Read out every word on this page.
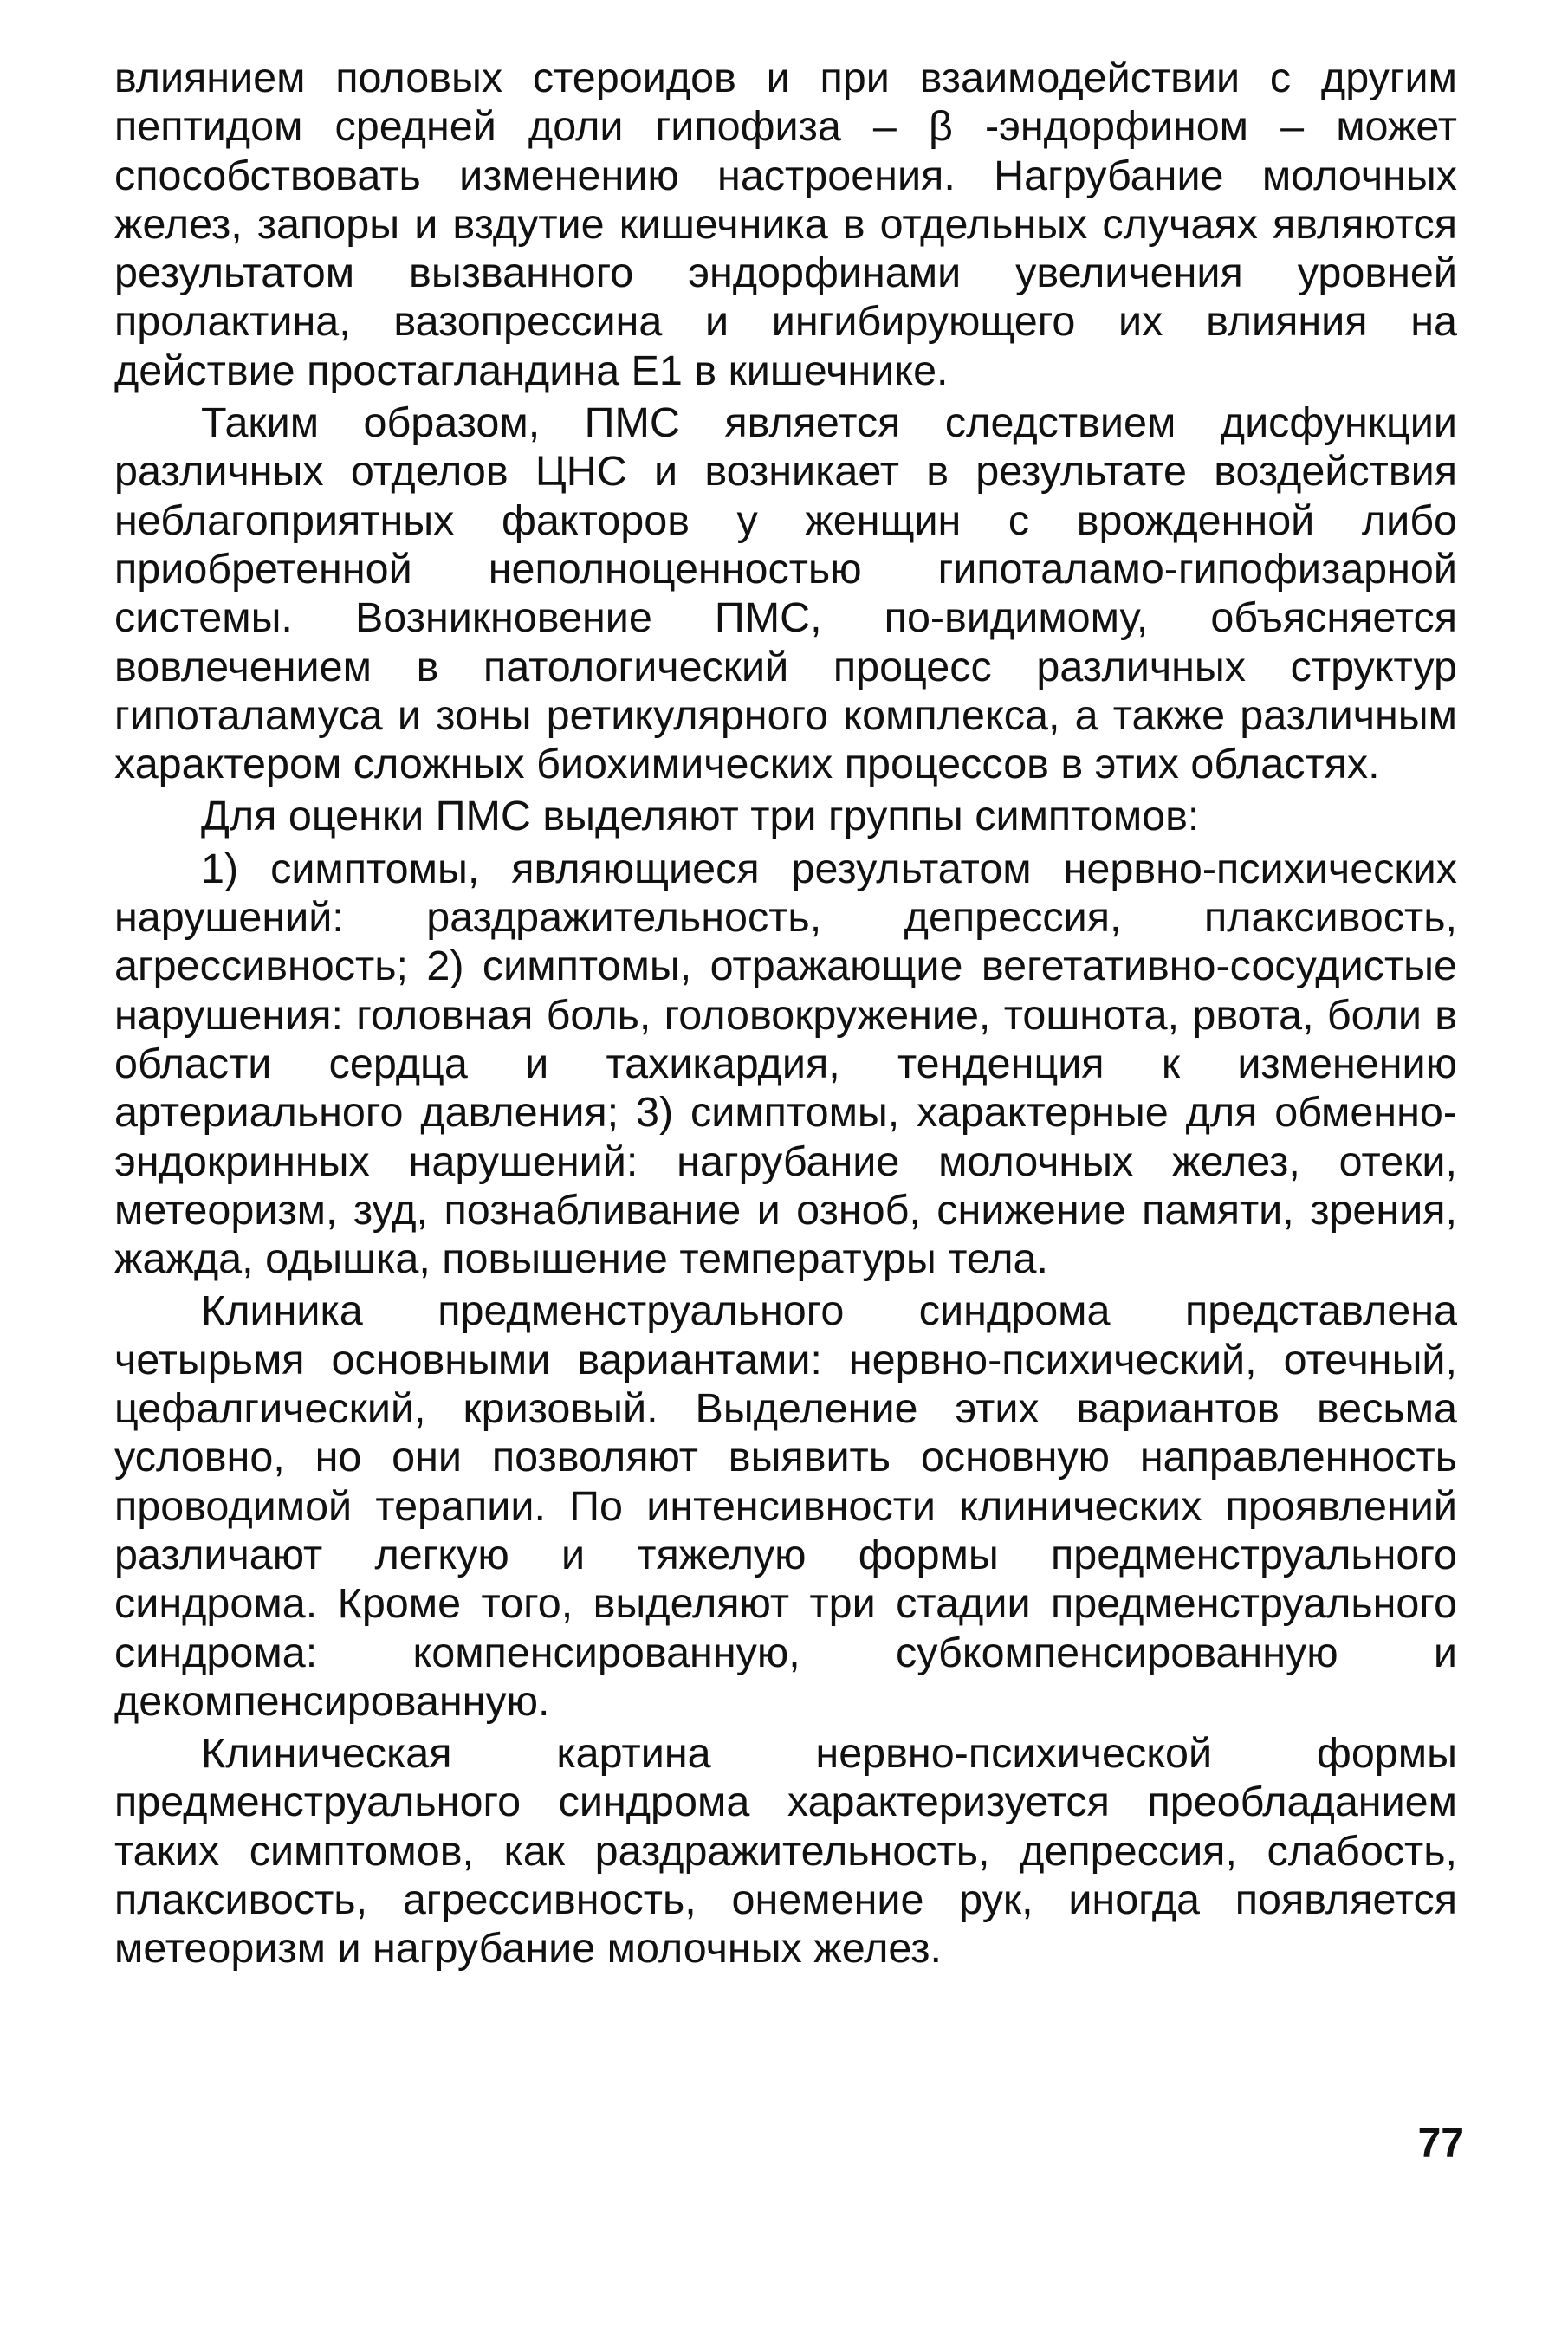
влиянием половых стероидов и при взаимодействии с другим пептидом средней доли гипофиза – β -эндорфином – может способствовать изменению настроения. Нагрубание молочных желез, запоры и вздутие кишечника в отдельных случаях являются результатом вызванного эндорфинами увеличения уровней пролактина, вазопрессина и ингибирующего их влияния на действие простагландина Е1 в кишечнике.

Таким образом, ПМС является следствием дисфункции различных отделов ЦНС и возникает в результате воздействия неблагоприятных факторов у женщин с врожденной либо приобретенной неполноценностью гипоталамо-гипофизарной системы. Возникновение ПМС, по-видимому, объясняется вовлечением в патологический процесс различных структур гипоталамуса и зоны ретикулярного комплекса, а также различным характером сложных биохимических процессов в этих областях.

Для оценки ПМС выделяют три группы симптомов:

1) симптомы, являющиеся результатом нервно-психических нарушений: раздражительность, депрессия, плаксивость, агрессивность; 2) симптомы, отражающие вегетативно-сосудистые нарушения: головная боль, головокружение, тошнота, рвота, боли в области сердца и тахикардия, тенденция к изменению артериального давления; 3) симптомы, характерные для обменно-эндокринных нарушений: нагрубание молочных желез, отеки, метеоризм, зуд, познабливание и озноб, снижение памяти, зрения, жажда, одышка, повышение температуры тела.

Клиника предменструального синдрома представлена четырьмя основными вариантами: нервно-психический, отечный, цефалгический, кризовый. Выделение этих вариантов весьма условно, но они позволяют выявить основную направленность проводимой терапии. По интенсивности клинических проявлений различают легкую и тяжелую формы предменструального синдрома. Кроме того, выделяют три стадии предменструального синдрома: компенсированную, субкомпенсированную и декомпенсированную.

Клиническая картина нервно-психической формы предменструального синдрома характеризуется преобладанием таких симптомов, как раздражительность, депрессия, слабость, плаксивость, агрессивность, онемение рук, иногда появляется метеоризм и нагрубание молочных желез.

77
